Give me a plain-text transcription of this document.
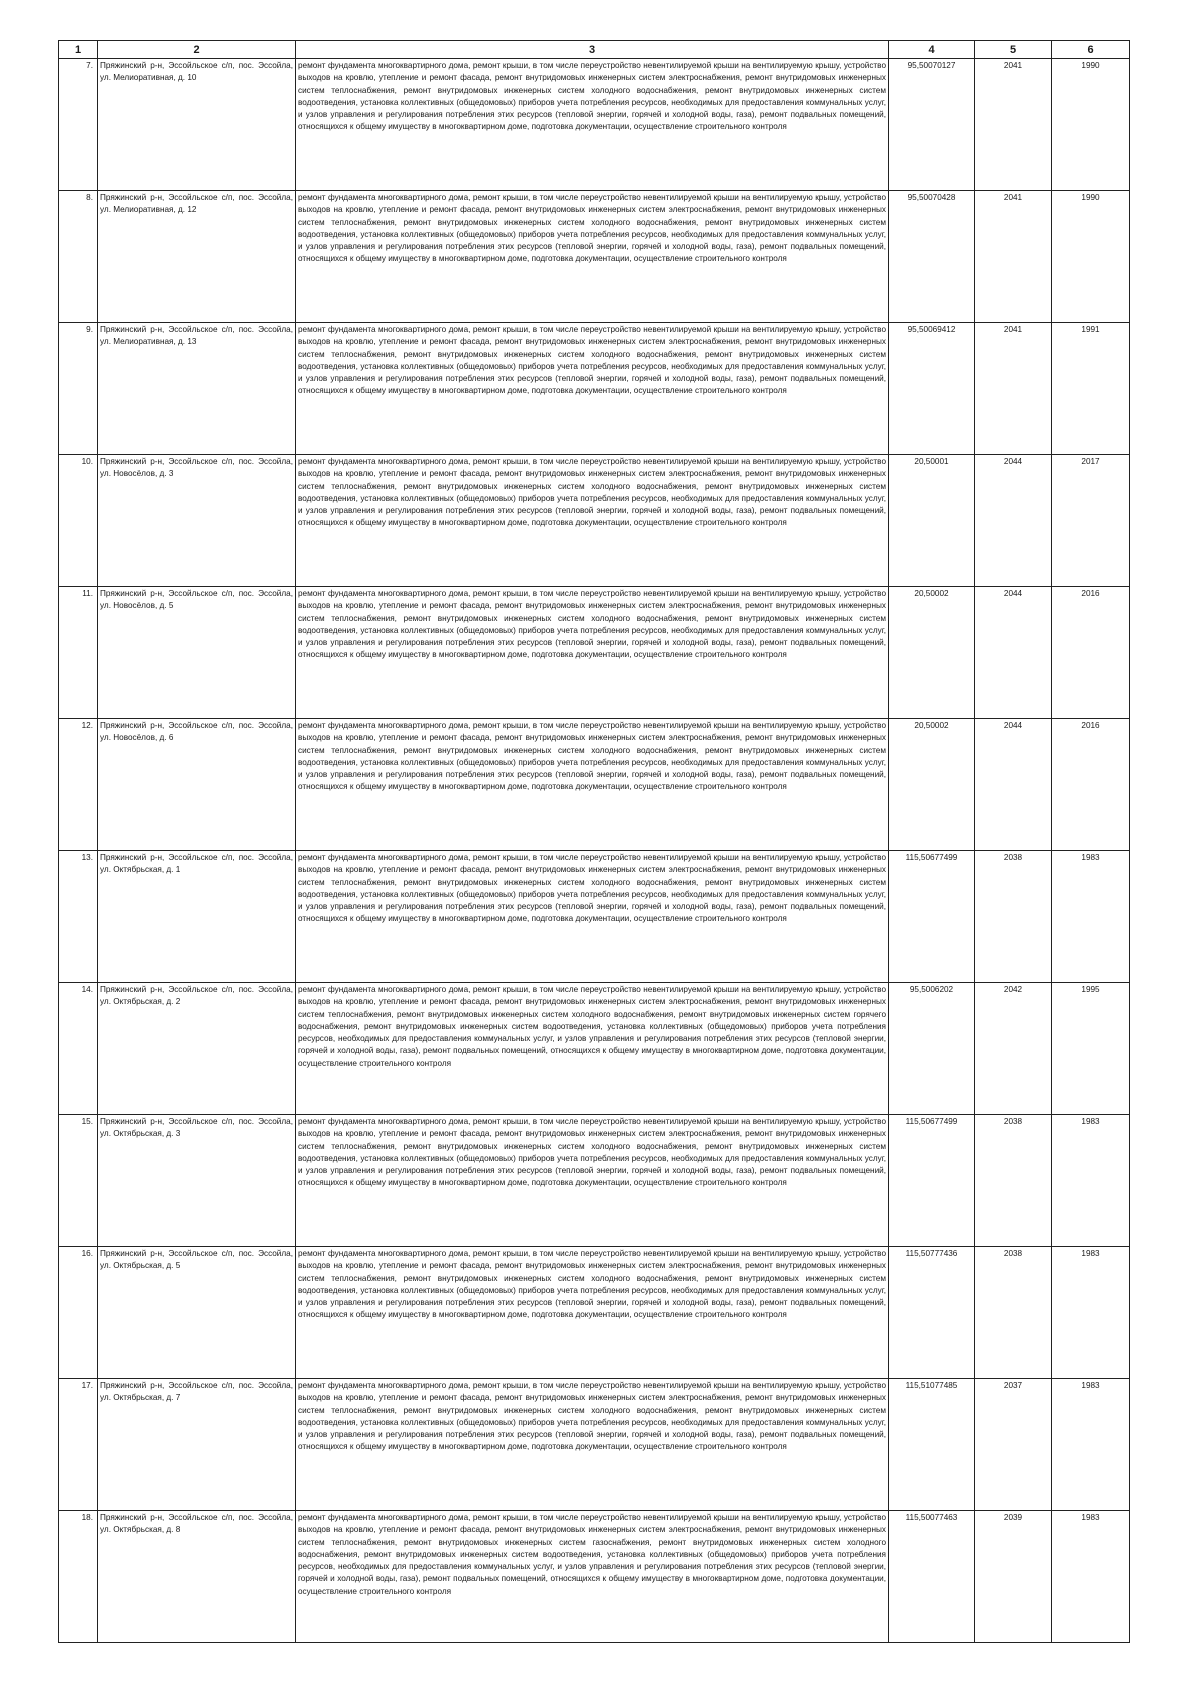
1	2	3	4	5	6
7.	Пряжинский р-н, Эссойльское с/п, пос. Эссойла, ул. Мелиоративная, д. 10	ремонт фундамента многоквартирного дома, ремонт крыши, в том числе переустройство невентилируемой крыши на вентилируемую крышу, устройство выходов на кровлю, утепление и ремонт фасада, ремонт внутридомовых инженерных систем электроснабжения, ремонт внутридомовых инженерных систем теплоснабжения, ремонт внутридомовых инженерных систем холодного водоснабжения, ремонт внутридомовых инженерных систем водоотведения, установка коллективных (общедомовых) приборов учета потребления ресурсов, необходимых для предоставления коммунальных услуг, и узлов управления и регулирования потребления этих ресурсов (тепловой энергии, горячей и холодной воды, газа), ремонт подвальных помещений, относящихся к общему имуществу в многоквартирном доме, подготовка документации, осуществление строительного контроля	95,50070127	2041	1990
8.	Пряжинский р-н, Эссойльское с/п, пос. Эссойла, ул. Мелиоративная, д. 12	ремонт фундамента многоквартирного дома, ремонт крыши, в том числе переустройство невентилируемой крыши на вентилируемую крышу, устройство выходов на кровлю, утепление и ремонт фасада, ремонт внутридомовых инженерных систем электроснабжения, ремонт внутридомовых инженерных систем теплоснабжения, ремонт внутридомовых инженерных систем холодного водоснабжения, ремонт внутридомовых инженерных систем водоотведения, установка коллективных (общедомовых) приборов учета потребления ресурсов, необходимых для предоставления коммунальных услуг, и узлов управления и регулирования потребления этих ресурсов (тепловой энергии, горячей и холодной воды, газа), ремонт подвальных помещений, относящихся к общему имуществу в многоквартирном доме, подготовка документации, осуществление строительного контроля	95,50070428	2041	1990
9.	Пряжинский р-н, Эссойльское с/п, пос. Эссойла, ул. Мелиоративная, д. 13	ремонт фундамента многоквартирного дома, ремонт крыши, в том числе переустройство невентилируемой крыши на вентилируемую крышу, устройство выходов на кровлю, утепление и ремонт фасада, ремонт внутридомовых инженерных систем электроснабжения, ремонт внутридомовых инженерных систем теплоснабжения, ремонт внутридомовых инженерных систем холодного водоснабжения, ремонт внутридомовых инженерных систем водоотведения, установка коллективных (общедомовых) приборов учета потребления ресурсов, необходимых для предоставления коммунальных услуг, и узлов управления и регулирования потребления этих ресурсов (тепловой энергии, горячей и холодной воды, газа), ремонт подвальных помещений, относящихся к общему имуществу в многоквартирном доме, подготовка документации, осуществление строительного контроля	95,50069412	2041	1991
10.	Пряжинский р-н, Эссойльское с/п, пос. Эссойла, ул. Новосёлов, д. 3	ремонт фундамента многоквартирного дома, ремонт крыши, в том числе переустройство невентилируемой крыши на вентилируемую крышу, устройство выходов на кровлю, утепление и ремонт фасада, ремонт внутридомовых инженерных систем электроснабжения, ремонт внутридомовых инженерных систем теплоснабжения, ремонт внутридомовых инженерных систем холодного водоснабжения, ремонт внутридомовых инженерных систем водоотведения, установка коллективных (общедомовых) приборов учета потребления ресурсов, необходимых для предоставления коммунальных услуг, и узлов управления и регулирования потребления этих ресурсов (тепловой энергии, горячей и холодной воды, газа), ремонт подвальных помещений, относящихся к общему имуществу в многоквартирном доме, подготовка документации, осуществление строительного контроля	20,50001	2044	2017
11.	Пряжинский р-н, Эссойльское с/п, пос. Эссойла, ул. Новосёлов, д. 5	ремонт фундамента многоквартирного дома, ремонт крыши, в том числе переустройство невентилируемой крыши на вентилируемую крышу, устройство выходов на кровлю, утепление и ремонт фасада, ремонт внутридомовых инженерных систем электроснабжения, ремонт внутридомовых инженерных систем теплоснабжения, ремонт внутридомовых инженерных систем холодного водоснабжения, ремонт внутридомовых инженерных систем водоотведения, установка коллективных (общедомовых) приборов учета потребления ресурсов, необходимых для предоставления коммунальных услуг, и узлов управления и регулирования потребления этих ресурсов (тепловой энергии, горячей и холодной воды, газа), ремонт подвальных помещений, относящихся к общему имуществу в многоквартирном доме, подготовка документации, осуществление строительного контроля	20,50002	2044	2016
12.	Пряжинский р-н, Эссойльское с/п, пос. Эссойла, ул. Новосёлов, д. 6	ремонт фундамента многоквартирного дома, ремонт крыши, в том числе переустройство невентилируемой крыши на вентилируемую крышу, устройство выходов на кровлю, утепление и ремонт фасада, ремонт внутридомовых инженерных систем электроснабжения, ремонт внутридомовых инженерных систем теплоснабжения, ремонт внутридомовых инженерных систем холодного водоснабжения, ремонт внутридомовых инженерных систем водоотведения, установка коллективных (общедомовых) приборов учета потребления ресурсов, необходимых для предоставления коммунальных услуг, и узлов управления и регулирования потребления этих ресурсов (тепловой энергии, горячей и холодной воды, газа), ремонт подвальных помещений, относящихся к общему имуществу в многоквартирном доме, подготовка документации, осуществление строительного контроля	20,50002	2044	2016
13.	Пряжинский р-н, Эссойльское с/п, пос. Эссойла, ул. Октябрьская, д. 1	ремонт фундамента многоквартирного дома, ремонт крыши, в том числе переустройство невентилируемой крыши на вентилируемую крышу, устройство выходов на кровлю, утепление и ремонт фасада, ремонт внутридомовых инженерных систем электроснабжения, ремонт внутридомовых инженерных систем теплоснабжения, ремонт внутридомовых инженерных систем холодного водоснабжения, ремонт внутридомовых инженерных систем водоотведения, установка коллективных (общедомовых) приборов учета потребления ресурсов, необходимых для предоставления коммунальных услуг, и узлов управления и регулирования потребления этих ресурсов (тепловой энергии, горячей и холодной воды, газа), ремонт подвальных помещений, относящихся к общему имуществу в многоквартирном доме, подготовка документации, осуществление строительного контроля	115,50677499	2038	1983
14.	Пряжинский р-н, Эссойльское с/п, пос. Эссойла, ул. Октябрьская, д. 2	ремонт фундамента многоквартирного дома, ремонт крыши, в том числе переустройство невентилируемой крыши на вентилируемую крышу, устройство выходов на кровлю, утепление и ремонт фасада, ремонт внутридомовых инженерных систем электроснабжения, ремонт внутридомовых инженерных систем теплоснабжения, ремонт внутридомовых инженерных систем холодного водоснабжения, ремонт внутридомовых инженерных систем горячего водоснабжения, ремонт внутридомовых инженерных систем водоотведения, установка коллективных (общедомовых) приборов учета потребления ресурсов, необходимых для предоставления коммунальных услуг, и узлов управления и регулирования потребления этих ресурсов (тепловой энергии, горячей и холодной воды, газа), ремонт подвальных помещений, относящихся к общему имуществу в многоквартирном доме, подготовка документации, осуществление строительного контроля	95,5006202	2042	1995
15.	Пряжинский р-н, Эссойльское с/п, пос. Эссойла, ул. Октябрьская, д. 3	ремонт фундамента многоквартирного дома, ремонт крыши, в том числе переустройство невентилируемой крыши на вентилируемую крышу, устройство выходов на кровлю, утепление и ремонт фасада, ремонт внутридомовых инженерных систем электроснабжения, ремонт внутридомовых инженерных систем теплоснабжения, ремонт внутридомовых инженерных систем холодного водоснабжения, ремонт внутридомовых инженерных систем водоотведения, установка коллективных (общедомовых) приборов учета потребления ресурсов, необходимых для предоставления коммунальных услуг, и узлов управления и регулирования потребления этих ресурсов (тепловой энергии, горячей и холодной воды, газа), ремонт подвальных помещений, относящихся к общему имуществу в многоквартирном доме, подготовка документации, осуществление строительного контроля	115,50677499	2038	1983
16.	Пряжинский р-н, Эссойльское с/п, пос. Эссойла, ул. Октябрьская, д. 5	ремонт фундамента многоквартирного дома, ремонт крыши, в том числе переустройство невентилируемой крыши на вентилируемую крышу, устройство выходов на кровлю, утепление и ремонт фасада, ремонт внутридомовых инженерных систем электроснабжения, ремонт внутридомовых инженерных систем теплоснабжения, ремонт внутридомовых инженерных систем холодного водоснабжения, ремонт внутридомовых инженерных систем водоотведения, установка коллективных (общедомовых) приборов учета потребления ресурсов, необходимых для предоставления коммунальных услуг, и узлов управления и регулирования потребления этих ресурсов (тепловой энергии, горячей и холодной воды, газа), ремонт подвальных помещений, относящихся к общему имуществу в многоквартирном доме, подготовка документации, осуществление строительного контроля	115,50777436	2038	1983
17.	Пряжинский р-н, Эссойльское с/п, пос. Эссойла, ул. Октябрьская, д. 7	ремонт фундамента многоквартирного дома, ремонт крыши, в том числе переустройство невентилируемой крыши на вентилируемую крышу, устройство выходов на кровлю, утепление и ремонт фасада, ремонт внутридомовых инженерных систем электроснабжения, ремонт внутридомовых инженерных систем теплоснабжения, ремонт внутридомовых инженерных систем холодного водоснабжения, ремонт внутридомовых инженерных систем водоотведения, установка коллективных (общедомовых) приборов учета потребления ресурсов, необходимых для предоставления коммунальных услуг, и узлов управления и регулирования потребления этих ресурсов (тепловой энергии, горячей и холодной воды, газа), ремонт подвальных помещений, относящихся к общему имуществу в многоквартирном доме, подготовка документации, осуществление строительного контроля	115,51077485	2037	1983
18.	Пряжинский р-н, Эссойльское с/п, пос. Эссойла, ул. Октябрьская, д. 8	ремонт фундамента многоквартирного дома, ремонт крыши, в том числе переустройство невентилируемой крыши на вентилируемую крышу, устройство выходов на кровлю, утепление и ремонт фасада, ремонт внутридомовых инженерных систем электроснабжения, ремонт внутридомовых инженерных систем теплоснабжения, ремонт внутридомовых инженерных систем газоснабжения, ремонт внутридомовых инженерных систем холодного водоснабжения, ремонт внутридомовых инженерных систем водоотведения, установка коллективных (общедомовых) приборов учета потребления ресурсов, необходимых для предоставления коммунальных услуг, и узлов управления и регулирования потребления этих ресурсов (тепловой энергии, горячей и холодной воды, газа), ремонт подвальных помещений, относящихся к общему имуществу в многоквартирном доме, подготовка документации, осуществление строительного контроля	115,50077463	2039	1983
